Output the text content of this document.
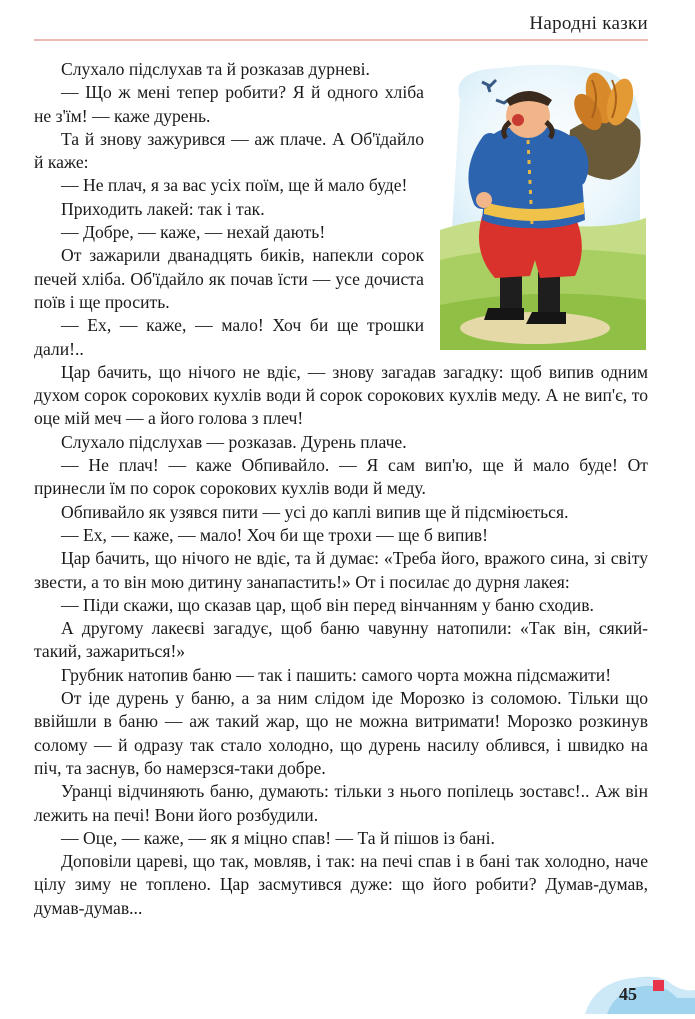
Народні казки

Слухало підслухав та й розказав дурневі.

— Що ж мені тепер робити? Я й одного хліба не з'їм! — каже дурень.

Та й знову зажурився — аж плаче. А Об'їдайло й каже:

— Не плач, я за вас усіх поїм, ще й мало буде!

Приходить лакей: так і так.

— Добре, — каже, — нехай дають!

От зажарили дванадцять биків, напекли сорок печей хліба. Об'їдайло як почав їсти — усе дочиста поїв і ще просить.

— Ех, — каже, — мало! Хоч би ще трошки дали!..

Цар бачить, що нічого не вдіє, — знову загадав загадку: щоб випив одним духом сорок сорокових кухлів води й сорок сорокових кухлів меду. А не вип'є, то оце мій меч — а його голова з плеч!

Слухало підслухав — розказав. Дурень плаче.

— Не плач! — каже Обпивайло. — Я сам вип'ю, ще й мало буде! От принесли їм по сорок сорокових кухлів води й меду.

Обпивайло як узявся пити — усі до каплі випив ще й підсміюється.

— Ех, — каже, — мало! Хоч би ще трохи — ще б випив!

Цар бачить, що нічого не вдіє, та й думає: «Треба його, вражого сина, зі світу звести, а то він мою дитину занапастить!» От і посилає до дурня лакея:

— Піди скажи, що сказав цар, щоб він перед вінчанням у баню сходив.

А другому лакеєві загадує, щоб баню чавунну натопили: «Так він, сякий-такий, зажариться!»

Грубник натопив баню — так і пашить: самого чорта можна підсмажити!

От іде дурень у баню, а за ним слідом іде Морозко із соломою. Тільки що ввійшли в баню — аж такий жар, що не можна витримати! Морозко розкинув солому — й одразу так стало холодно, що дурень насилу облився, і швидко на піч, та заснув, бо намерзся-таки добре.

Уранці відчиняють баню, думають: тільки з нього попілець зоставс!.. Аж він лежить на печі! Вони його розбудили.

— Оце, — каже, — як я міцно спав! — Та й пішов із бані.

Доповіли цареві, що так, мовляв, і так: на печі спав і в бані так холодно, наче цілу зиму не топлено. Цар засмутився дуже: що його робити? Думав-думав, думав-думав...

45
